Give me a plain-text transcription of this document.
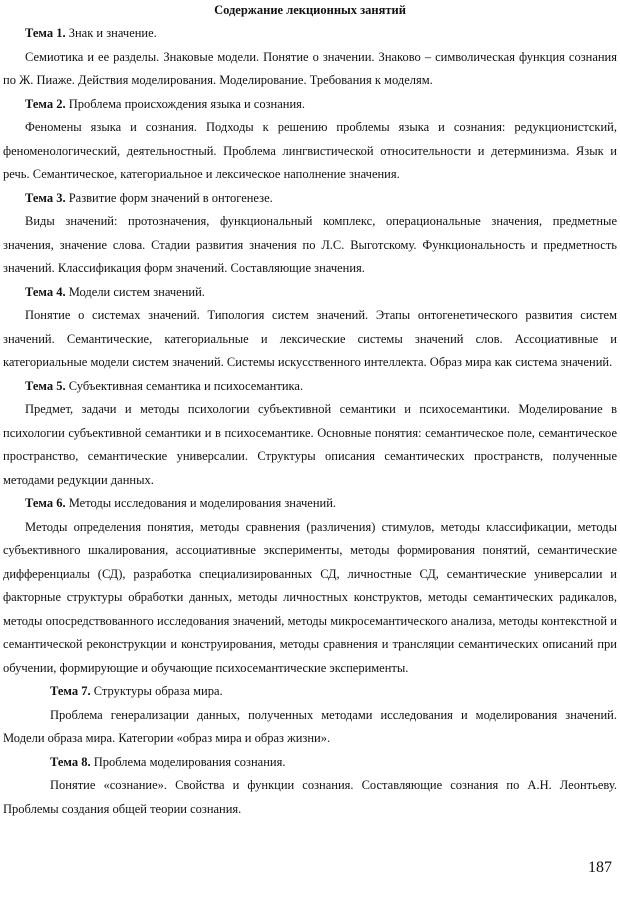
Содержание лекционных занятий

Тема 1. Знак и значение.

Семиотика и ее разделы. Знаковые модели. Понятие о значении. Знаково – символическая функция сознания по Ж. Пиаже. Действия моделирования. Моделирование. Требования к моделям.

Тема 2. Проблема происхождения языка и сознания.

Феномены языка и сознания. Подходы к решению проблемы языка и сознания: редукционистский, феноменологический, деятельностный. Проблема лингвистической относительности и детерминизма. Язык и речь. Семантическое, категориальное и лексическое наполнение значения.

Тема 3. Развитие форм значений в онтогенезе.

Виды значений: протозначения, функциональный комплекс, операциональные значения, предметные значения, значение слова. Стадии развития значения по Л.С. Выготскому. Функциональность и предметность значений. Классификация форм значений. Составляющие значения.

Тема 4. Модели систем значений.

Понятие о системах значений. Типология систем значений. Этапы онтогенетического развития систем значений. Семантические, категориальные и лексические системы значений слов. Ассоциативные и категориальные модели систем значений. Системы искусственного интеллекта. Образ мира как система значений.

Тема 5. Субъективная семантика и психосемантика.

Предмет, задачи и методы психологии субъективной семантики и психосемантики. Моделирование в психологии субъективной семантики и в психосемантике. Основные понятия: семантическое поле, семантическое пространство, семантические универсалии. Структуры описания семантических пространств, полученные методами редукции данных.

Тема 6. Методы исследования и моделирования значений.

Методы определения понятия, методы сравнения (различения) стимулов, методы классификации, методы субъективного шкалирования, ассоциативные эксперименты, методы формирования понятий, семантические дифференциалы (СД), разработка специализированных СД, личностные СД, семантические универсалии и факторные структуры обработки данных, методы личностных конструктов, методы семантических радикалов, методы опосредствованного исследования значений, методы микросемантического анализа, методы контекстной и семантической реконструкции и конструирования, методы сравнения и трансляции семантических описаний при обучении, формирующие и обучающие психосемантические эксперименты.

Тема 7. Структуры образа мира.

Проблема генерализации данных, полученных методами исследования и моделирования значений. Модели образа мира. Категории «образ мира и образ жизни».

Тема 8. Проблема моделирования сознания.

Понятие «сознание». Свойства и функции сознания. Составляющие сознания по А.Н. Леонтьеву. Проблемы создания общей теории сознания.

187
